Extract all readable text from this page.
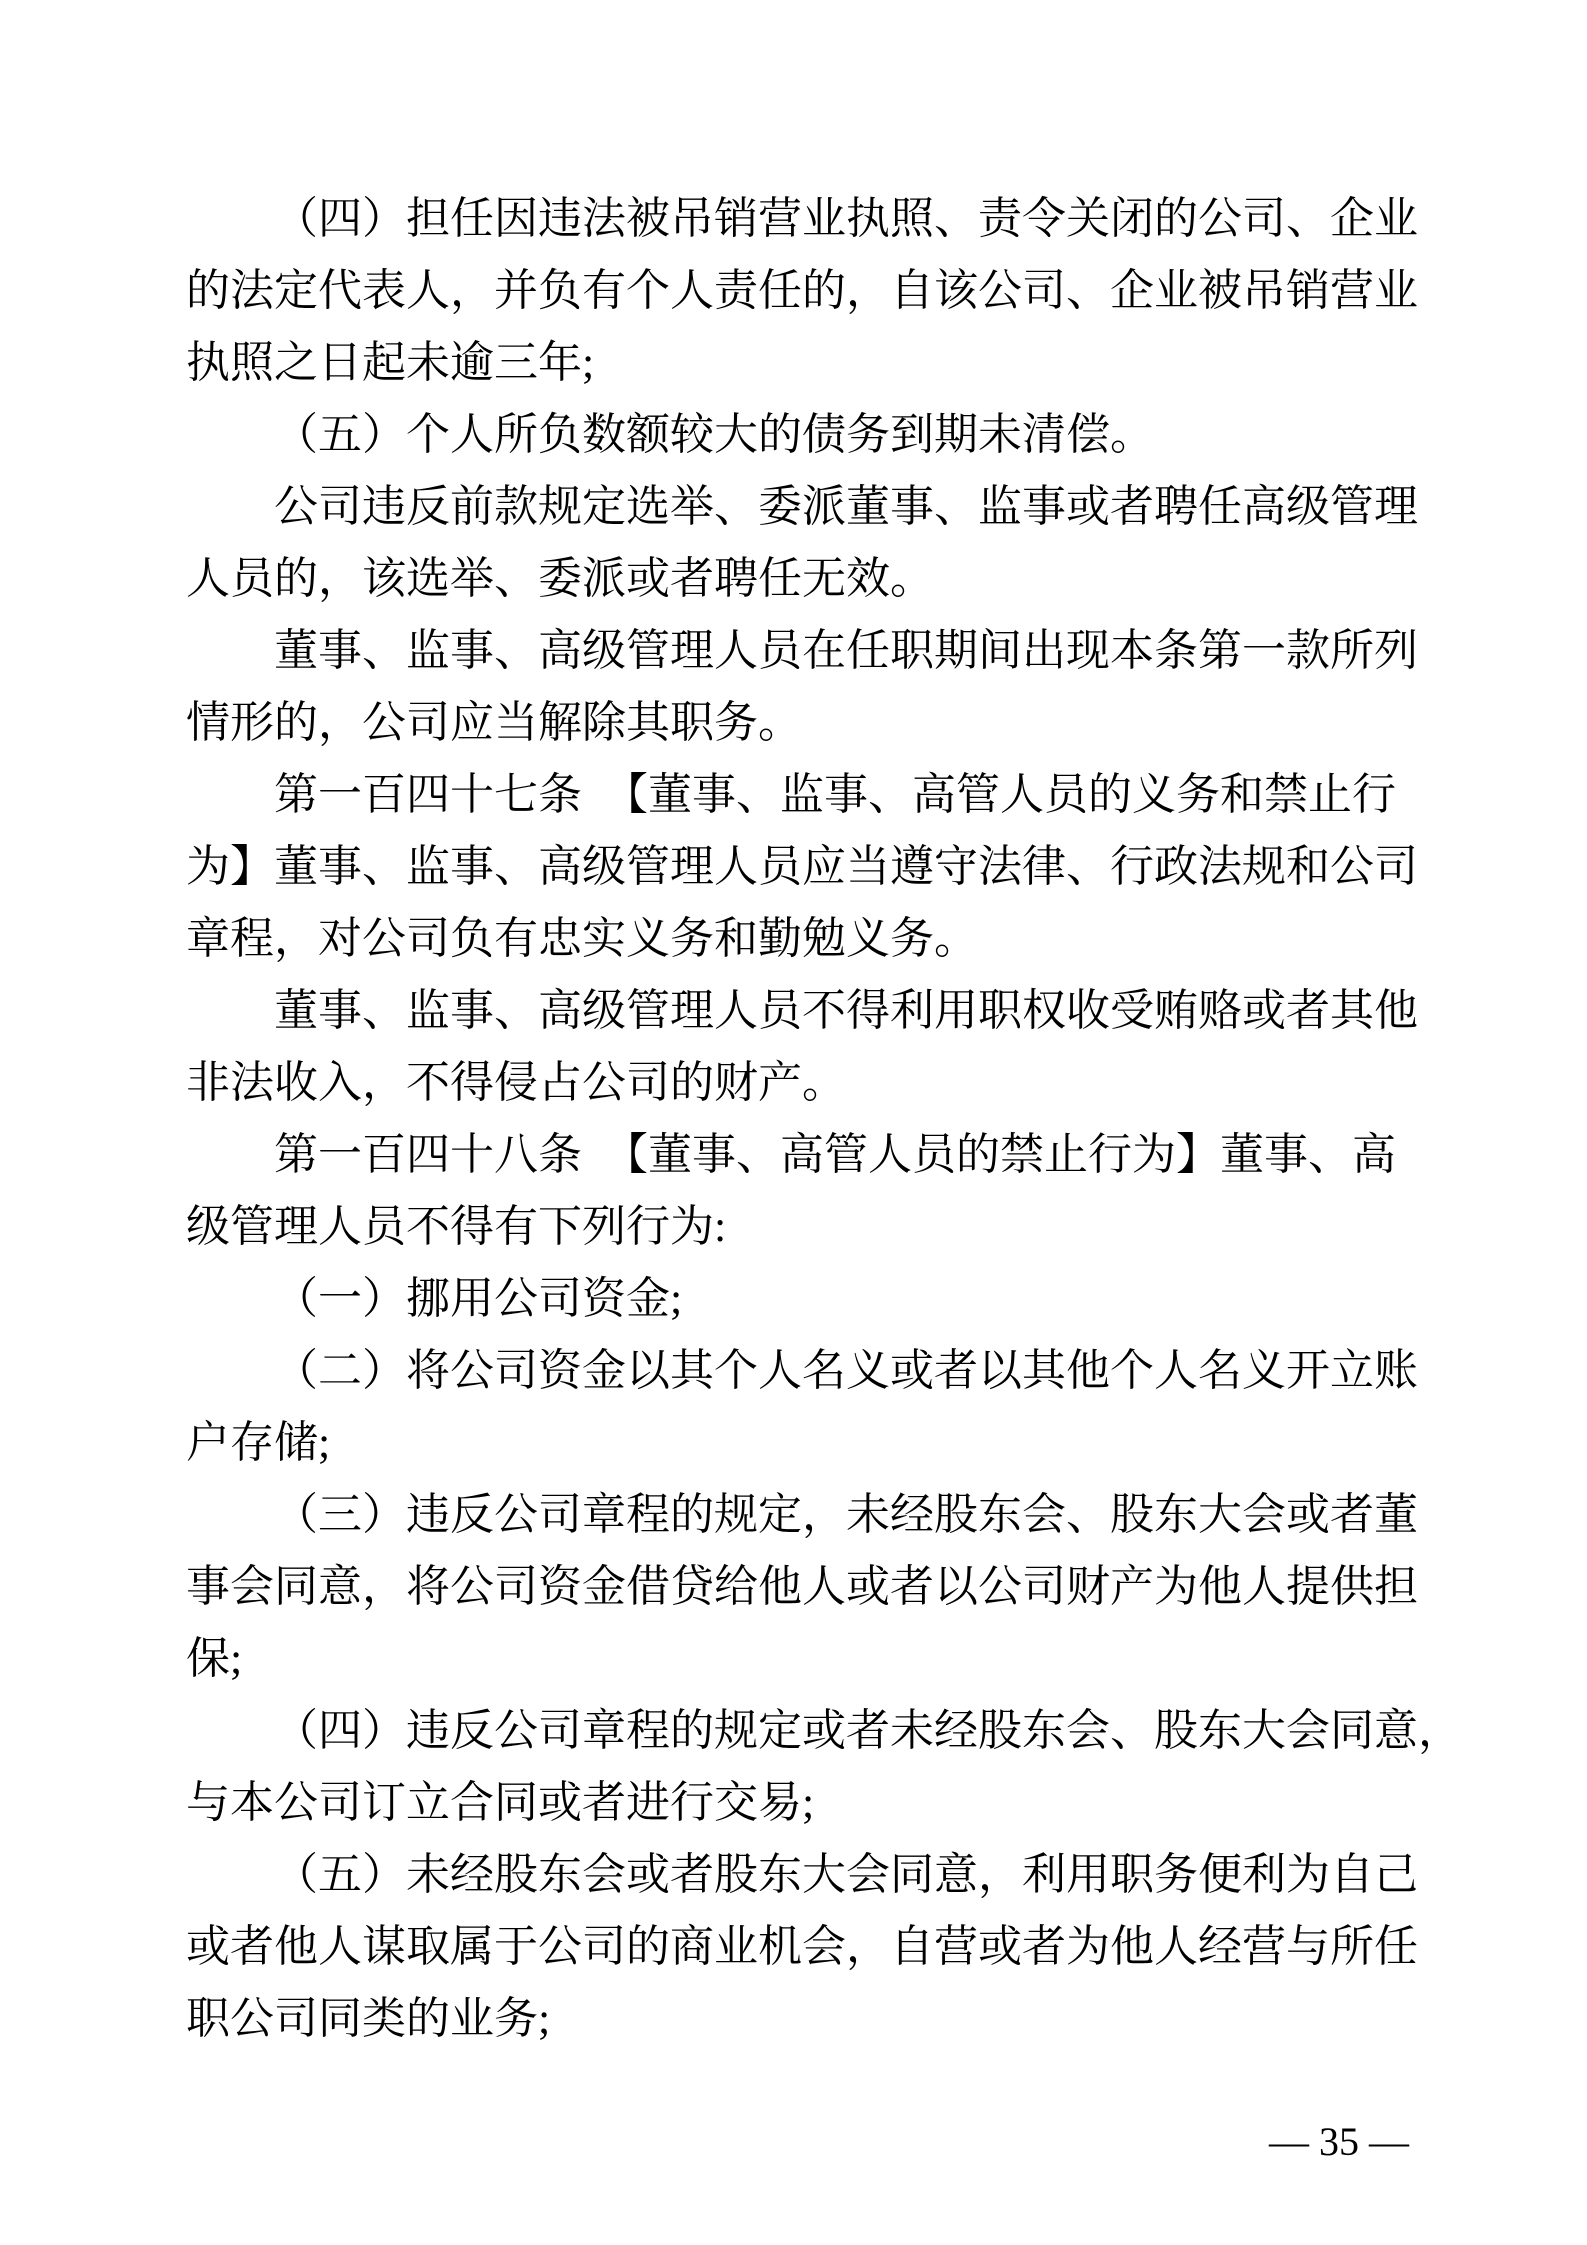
（四）担任因违法被吊销营业执照、责令关闭的公司、企业

的法定代表人，并负有个人责任的，自该公司、企业被吊销营业

执照之日起未逾三年;

（五）个人所负数额较大的债务到期未清偿。

公司违反前款规定选举、委派董事、监事或者聘任高级管理

人员的，该选举、委派或者聘任无效。

董事、监事、高级管理人员在任职期间出现本条第一款所列

情形的，公司应当解除其职务。

第一百四十七条　【董事、监事、高管人员的义务和禁止行

为】董事、监事、高级管理人员应当遵守法律、行政法规和公司

章程，对公司负有忠实义务和勤勉义务。

董事、监事、高级管理人员不得利用职权收受贿赂或者其他

非法收入，不得侵占公司的财产。

第一百四十八条　【董事、高管人员的禁止行为】董事、高

级管理人员不得有下列行为:

（一）挪用公司资金;

（二）将公司资金以其个人名义或者以其他个人名义开立账

户存储;

（三）违反公司章程的规定，未经股东会、股东大会或者董

事会同意，将公司资金借贷给他人或者以公司财产为他人提供担

保;

（四）违反公司章程的规定或者未经股东会、股东大会同意，

与本公司订立合同或者进行交易;

（五）未经股东会或者股东大会同意，利用职务便利为自己

或者他人谋取属于公司的商业机会，自营或者为他人经营与所任

职公司同类的业务;

— 35 —
